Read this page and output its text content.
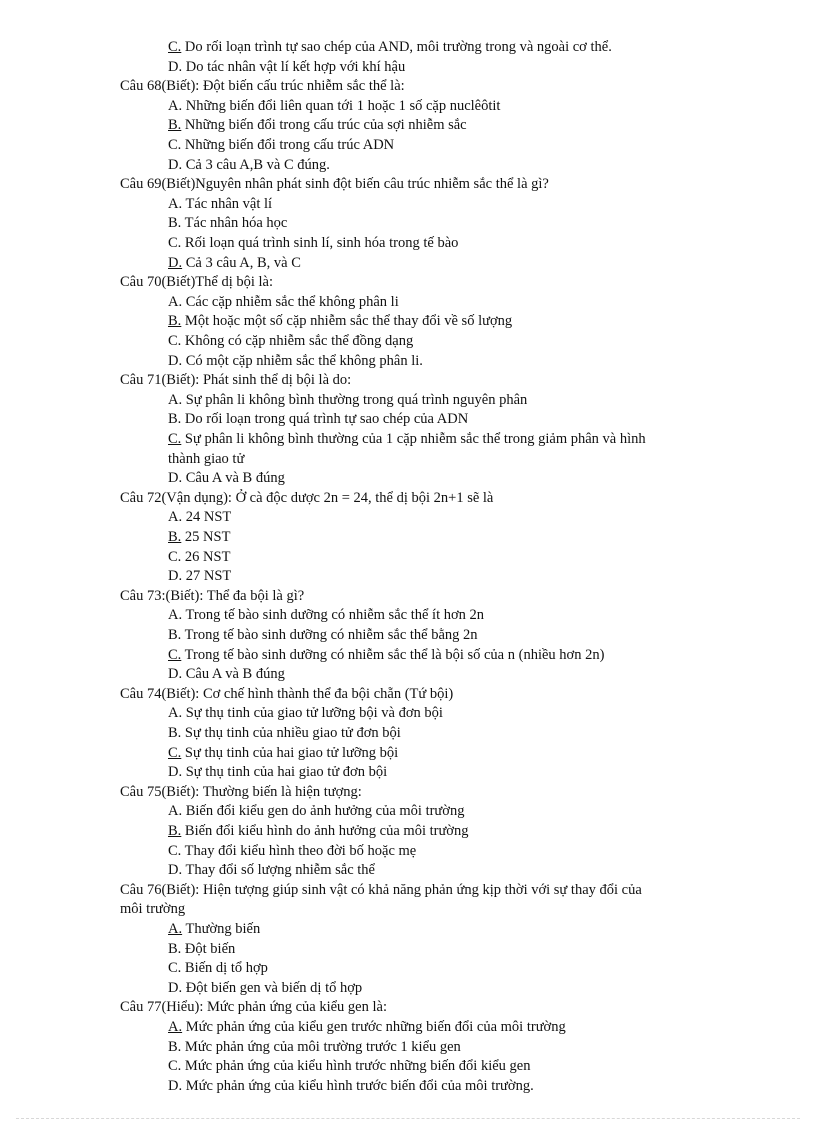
C. Do rối loạn trình tự sao chép của AND, môi trường trong và ngoài cơ thể.
D. Do tác nhân vật lí kết hợp với khí hậu
Câu 68(Biết): Đột biến cấu trúc nhiễm sắc thể là:
A. Những biến đổi liên quan tới 1 hoặc 1 số cặp nuclêôtit
B. Những biến đổi trong cấu trúc của sợi nhiễm sắc
C. Những biến đổi trong cấu trúc ADN
D. Cả 3 câu A,B và C đúng.
Câu 69(Biết)Nguyên nhân phát sinh đột biến câu trúc nhiễm sắc thể là gì?
A. Tác nhân vật lí
B. Tác nhân hóa học
C. Rối loạn quá trình sinh lí, sinh hóa trong tế bào
D. Cả 3 câu A, B, và C
Câu 70(Biết)Thể dị bội là:
A. Các cặp nhiễm sắc thể không phân li
B. Một hoặc một số cặp nhiễm sắc thể thay đổi về số lượng
C. Không có cặp nhiễm sắc thể đồng dạng
D. Có một cặp nhiễm sắc thể không phân li.
Câu 71(Biết): Phát sinh thể dị bội là do:
A. Sự phân li không bình thường trong quá trình nguyên phân
B. Do rối loạn trong quá trình tự sao chép của ADN
C. Sự phân li không bình thường của 1 cặp nhiễm sắc thể trong giảm phân và hình
thành giao tử
D. Câu A và B đúng
Câu 72(Vận dụng): Ở cà độc dược 2n = 24, thể dị bội 2n+1 sẽ là
A. 24 NST
B. 25 NST
C. 26 NST
D. 27 NST
Câu 73:(Biết): Thể đa bội là gì?
A. Trong tế bào sinh dưỡng có nhiễm sắc thể ít hơn 2n
B. Trong tế bào sinh dưỡng có nhiễm sắc thể bằng 2n
C. Trong tế bào sinh dưỡng có nhiễm sắc thể là bội số của n (nhiều hơn 2n)
D. Câu A và B đúng
Câu 74(Biết): Cơ chế hình thành thể đa bội chẵn (Tứ bội)
A. Sự thụ tinh của giao tử lưỡng bội và đơn bội
B. Sự thụ tinh của nhiều giao tử đơn bội
C. Sự thụ tinh của hai giao tử lưỡng bội
D. Sự thụ tinh của hai giao tử đơn bội
Câu 75(Biết): Thường biến là hiện tượng:
A. Biến đổi kiểu gen do ảnh hưởng của môi trường
B. Biến đổi kiểu hình do ảnh hưởng của môi trường
C. Thay đổi kiểu hình theo đời bố hoặc mẹ
D. Thay đổi số lượng nhiễm sắc thể
Câu 76(Biết): Hiện tượng giúp sinh vật có khả năng phản ứng kịp thời với sự thay đổi của
môi trường
A. Thường biến
B. Đột biến
C. Biến dị tổ hợp
D. Đột biến gen và biến dị tổ hợp
Câu 77(Hiểu): Mức phản ứng của kiểu gen là:
A. Mức phản ứng của kiểu gen trước những biến đổi của môi trường
B. Mức phản ứng của môi trường trước 1 kiểu gen
C. Mức phản ứng của kiểu hình trước những biến đổi kiểu gen
D. Mức phản ứng của kiểu hình trước biến đổi của môi trường.
